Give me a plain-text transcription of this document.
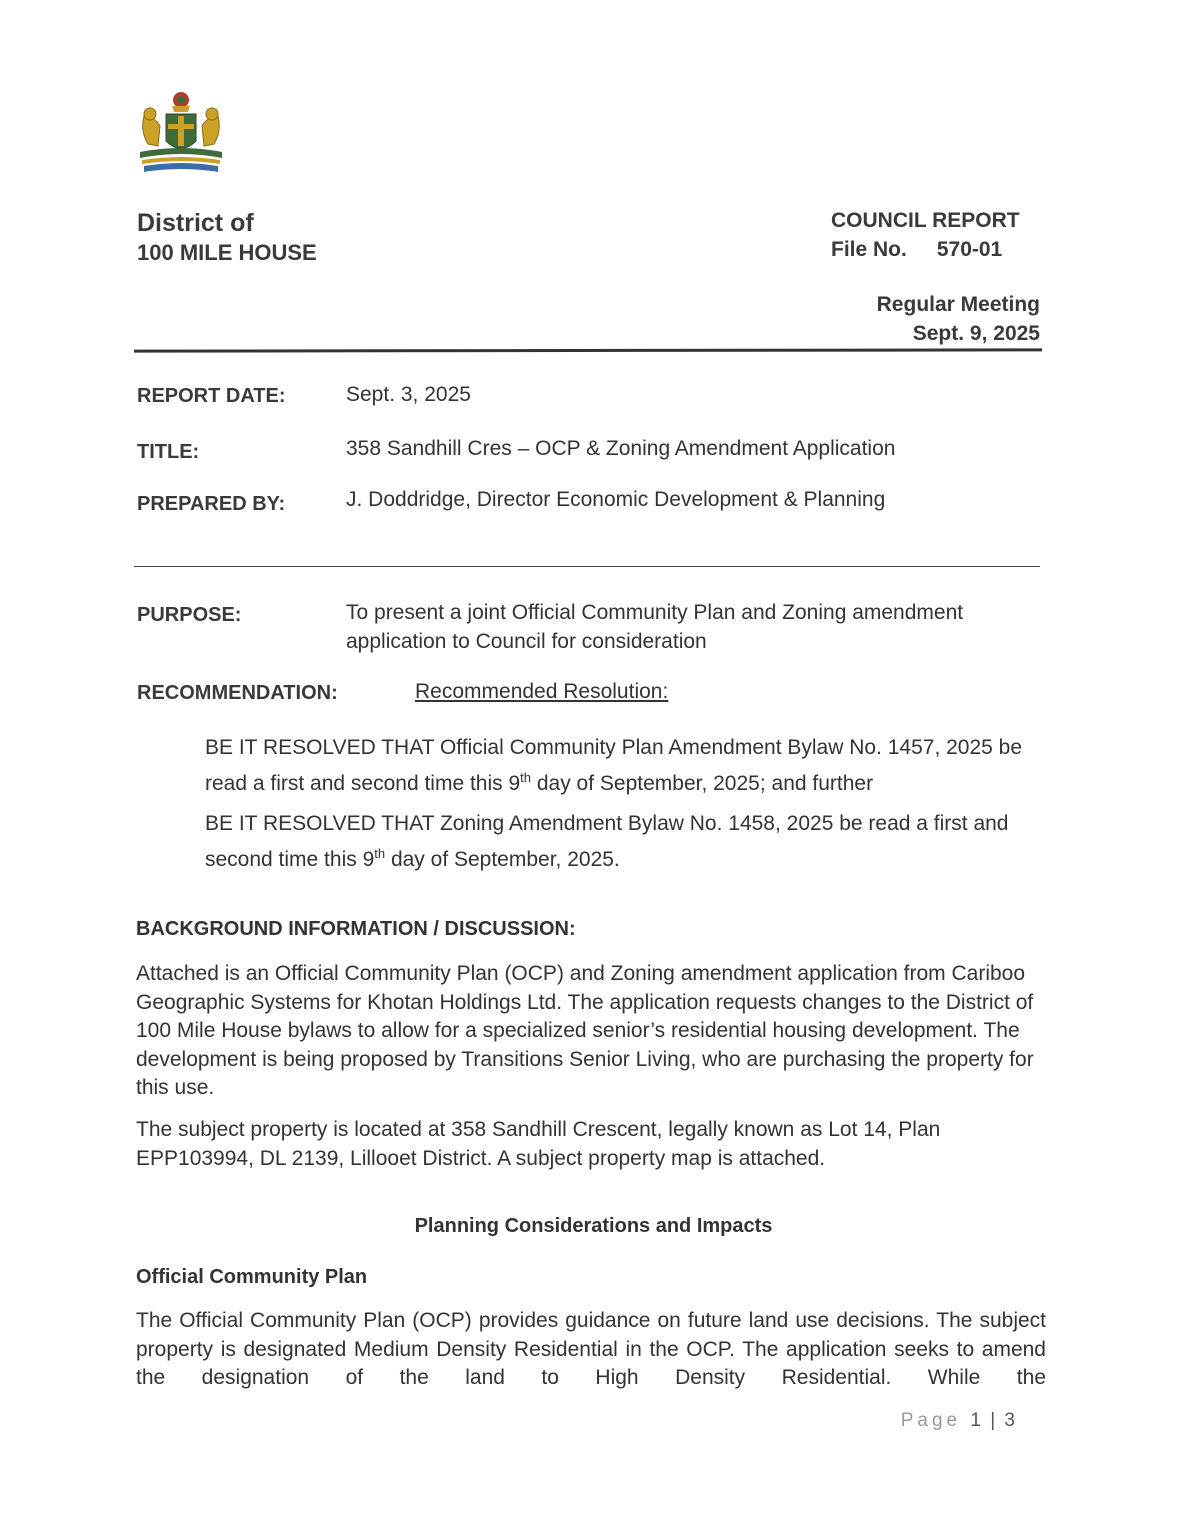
District of
100 MILE HOUSE
COUNCIL REPORT
File No. 570-01
Regular Meeting
Sept. 9, 2025
REPORT DATE:	Sept. 3, 2025
TITLE:	358 Sandhill Cres – OCP & Zoning Amendment Application
PREPARED BY:	J. Doddridge, Director Economic Development & Planning
PURPOSE:	To present a joint Official Community Plan and Zoning amendment application to Council for consideration
RECOMMENDATION:	Recommended Resolution:
BE IT RESOLVED THAT Official Community Plan Amendment Bylaw No. 1457, 2025 be read a first and second time this 9th day of September, 2025; and further
BE IT RESOLVED THAT Zoning Amendment Bylaw No. 1458, 2025 be read a first and second time this 9th day of September, 2025.
BACKGROUND INFORMATION / DISCUSSION:
Attached is an Official Community Plan (OCP) and Zoning amendment application from Cariboo Geographic Systems for Khotan Holdings Ltd. The application requests changes to the District of 100 Mile House bylaws to allow for a specialized senior’s residential housing development. The development is being proposed by Transitions Senior Living, who are purchasing the property for this use.
The subject property is located at 358 Sandhill Crescent, legally known as Lot 14, Plan EPP103994, DL 2139, Lillooet District. A subject property map is attached.
Planning Considerations and Impacts
Official Community Plan
The Official Community Plan (OCP) provides guidance on future land use decisions. The subject property is designated Medium Density Residential in the OCP. The application seeks to amend the designation of the land to High Density Residential. While the
Page 1 | 3
